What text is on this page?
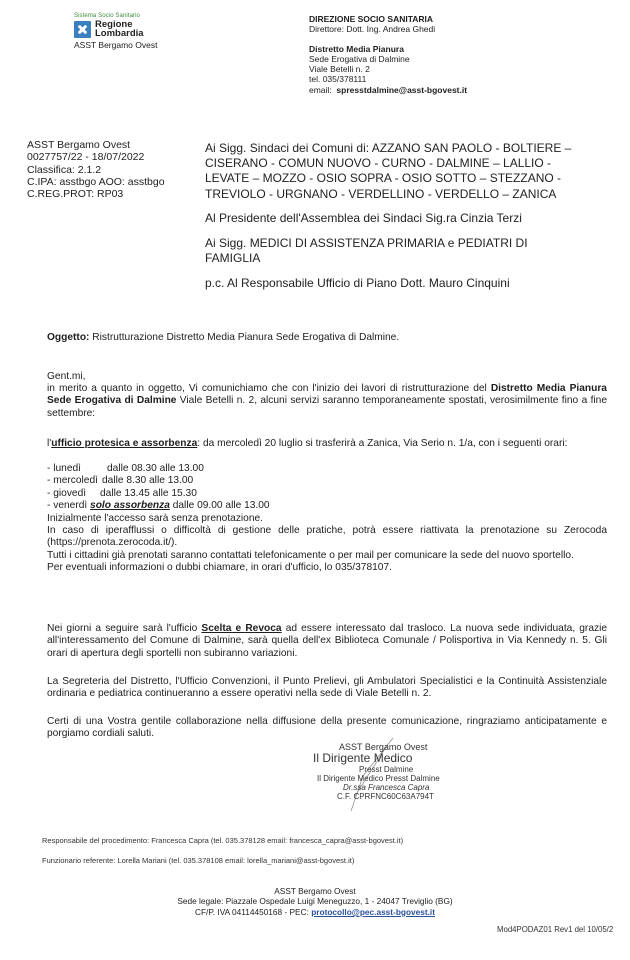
Sistema Socio Sanitario
Regione
Lombardia
ASST Bergamo Ovest
DIREZIONE SOCIO SANITARIA
Direttore: Dott. Ing. Andrea Ghedi
Distretto Media Pianura
Sede Erogativa di Dalmine
Viale Betelli n. 2
tel. 035/378111
email: spresstdalmine@asst-bgovest.it
ASST Bergamo Ovest
0027757/22 - 18/07/2022
Classifica: 2.1.2
C.IPA: asstbgo AOO: asstbgo
C.REG.PROT: RP03

Ai Sigg. Sindaci dei Comuni di: AZZANO SAN PAOLO - BOLTIERE –

CISERANO - COMUN NUOVO - CURNO - DALMINE – LALLIO -

LEVATE – MOZZO - OSIO SOPRA - OSIO SOTTO – STEZZANO -

TREVIOLO - URGNANO - VERDELLINO - VERDELLO – ZANICA

Al Presidente dell'Assemblea dei Sindaci Sig.ra Cinzia Terzi

Ai Sigg. MEDICI DI ASSISTENZA PRIMARIA e PEDIATRI DI

FAMIGLIA

p.c. Al Responsabile Ufficio di Piano Dott. Mauro Cinquini

Oggetto: Ristrutturazione Distretto Media Pianura Sede Erogativa di Dalmine.
Gent.mi,
in merito a quanto in oggetto, Vi comunichiamo che con l'inizio dei lavori di ristrutturazione del Distretto Media Pianura Sede Erogativa di Dalmine Viale Betelli n. 2, alcuni servizi saranno temporaneamente spostati, verosimilmente fino a fine settembre:
l'ufficio protesica e assorbenza: da mercoledì 20 luglio si trasferirà a Zanica, Via Serio n. 1/a, con i seguenti orari:
- lunedì	dalle 08.30 alle 13.00
- mercoledì dalle 8.30 alle 13.00
- giovedì dalle 13.45 alle 15.30
- venerdì solo assorbenza dalle 09.00 alle 13.00
Inizialmente l'accesso sarà senza prenotazione.
In caso di iperafflussi o difficoltà di gestione delle pratiche, potrà essere riattivata la prenotazione su Zerocoda (https://prenota.zerocoda.it/).
Tutti i cittadini già prenotati saranno contattati telefonicamente o per mail per comunicare la sede del nuovo sportello.
Per eventuali informazioni o dubbi chiamare, in orari d'ufficio, lo 035/378107.
Nei giorni a seguire sarà l'ufficio Scelta e Revoca ad essere interessato dal trasloco. La nuova sede individuata, grazie all'interessamento del Comune di Dalmine, sarà quella dell'ex Biblioteca Comunale / Polisportiva in Via Kennedy n. 5. Gli orari di apertura degli sportelli non subiranno variazioni.
La Segreteria del Distretto, l'Ufficio Convenzioni, il Punto Prelievi, gli Ambulatori Specialistici e la Continuità Assistenziale ordinaria e pediatrica continueranno a essere operativi nella sede di Viale Betelli n. 2.
Certi di una Vostra gentile collaborazione nella diffusione della presente comunicazione, ringraziamo anticipatamente e porgiamo cordiali saluti.
ASST Bergamo Ovest
Il Dirigente Medico
Presst Dalmine
Il Dirigente Medico Presst Dalmine
Dr.ssa Francesca Capra
C.F. CPRFNC60C63A794T
Responsabile del procedimento: Francesca Capra (tel. 035.378128 email: francesca_capra@asst-bgovest.it)
Funzionario referente: Lorella Mariani (tel. 035.378108 email: lorella_mariani@asst-bgovest.it)
ASST Bergamo Ovest
Sede legale: Piazzale Ospedale Luigi Meneguzzo, 1 - 24047 Treviglio (BG)
CF/P. IVA 04114450168 - PEC: protocollo@pec.asst-bgovest.it
Mod4PODAZ01 Rev1 del 10/05/2
